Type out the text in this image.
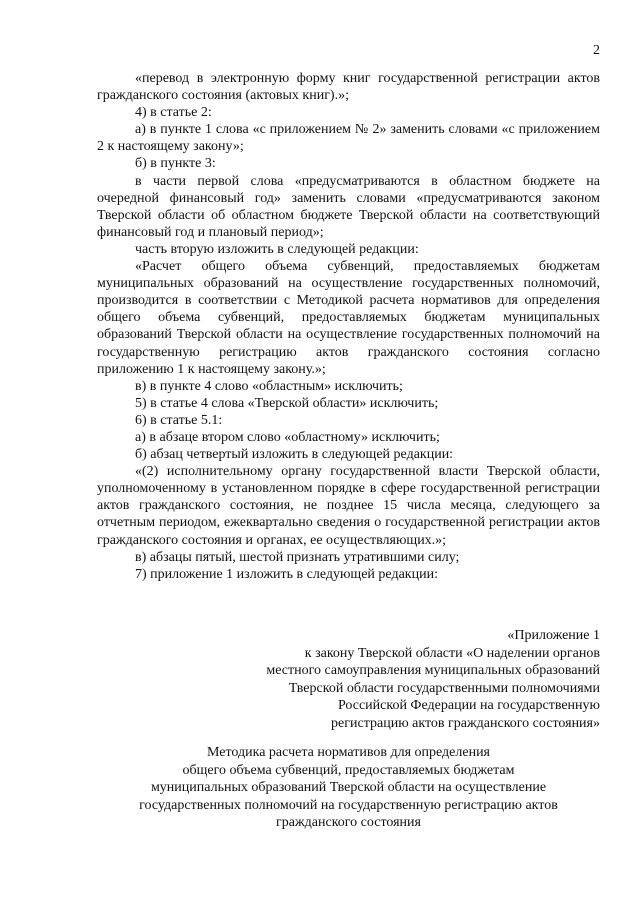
2

«перевод в электронную форму книг государственной регистрации актов гражданского состояния (актовых книг).»;

4) в статье 2:

а) в пункте 1 слова «с приложением № 2» заменить словами «с приложением 2 к настоящему закону»;

б) в пункте 3:

в части первой слова «предусматриваются в областном бюджете на очередной финансовый год» заменить словами «предусматриваются законом Тверской области об областном бюджете Тверской области на соответствующий финансовый год и плановый период»;

часть вторую изложить в следующей редакции:

«Расчет общего объема субвенций, предоставляемых бюджетам муниципальных образований на осуществление государственных полномочий, производится в соответствии с Методикой расчета нормативов для определения общего объема субвенций, предоставляемых бюджетам муниципальных образований Тверской области на осуществление государственных полномочий на государственную регистрацию актов гражданского состояния согласно приложению 1 к настоящему закону.»;

в) в пункте 4 слово «областным» исключить;

5) в статье 4 слова «Тверской области» исключить;

6) в статье 5.1:

а) в абзаце втором слово «областному» исключить;

б) абзац четвертый изложить в следующей редакции:

«(2) исполнительному органу государственной власти Тверской области, уполномоченному в установленном порядке в сфере государственной регистрации актов гражданского состояния, не позднее 15 числа месяца, следующего за отчетным периодом, ежеквартально сведения о государственной регистрации актов гражданского состояния и органах, ее осуществляющих.»;

в) абзацы пятый, шестой признать утратившими силу;

7) приложение 1 изложить в следующей редакции:

«Приложение 1
к закону Тверской области «О наделении органов
местного самоуправления муниципальных образований
Тверской области государственными полномочиями
Российской Федерации на государственную
регистрацию актов гражданского состояния»
Методика расчета нормативов для определения
общего объема субвенций, предоставляемых бюджетам
муниципальных образований Тверской области на осуществление
государственных полномочий на государственную регистрацию актов
гражданского состояния
